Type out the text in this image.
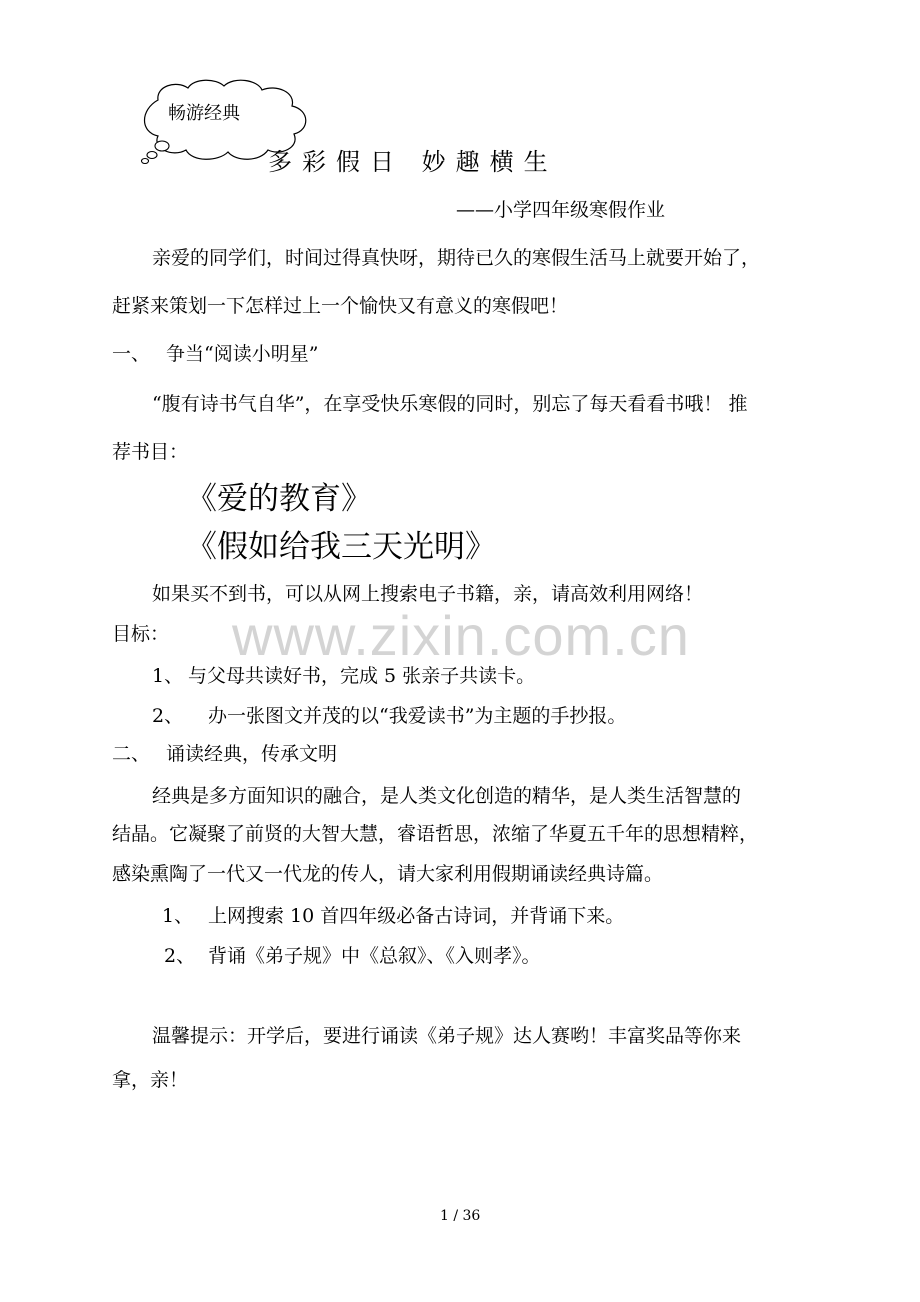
畅游经典
多彩假日 妙趣横生
——小学四年级寒假作业
亲爱的同学们，时间过得真快呀，期待已久的寒假生活马上就要开始了，
赶紧来策划一下怎样过上一个愉快又有意义的寒假吧！
一、 争当“阅读小明星”
“腹有诗书气自华”，在享受快乐寒假的同时，别忘了每天看看书哦！ 推
荐书目：
《爱的教育》
《假如给我三天光明》
如果买不到书，可以从网上搜索电子书籍，亲，请高效利用网络！
www.zixin.com.cn
目标：
1、 与父母共读好书，完成 5 张亲子共读卡。
2、 办一张图文并茂的以“我爱读书”为主题的手抄报。
二、 诵读经典，传承文明
经典是多方面知识的融合，是人类文化创造的精华，是人类生活智慧的
结晶。它凝聚了前贤的大智大慧，睿语哲思，浓缩了华夏五千年的思想精粹，
感染熏陶了一代又一代龙的传人，请大家利用假期诵读经典诗篇。
1、 上网搜索 10 首四年级必备古诗词，并背诵下来。
2、 背诵《弟子规》中《总叙》、《入则孝》。
温馨提示：开学后，要进行诵读《弟子规》达人赛哟！丰富奖品等你来
拿，亲！
1 / 36
